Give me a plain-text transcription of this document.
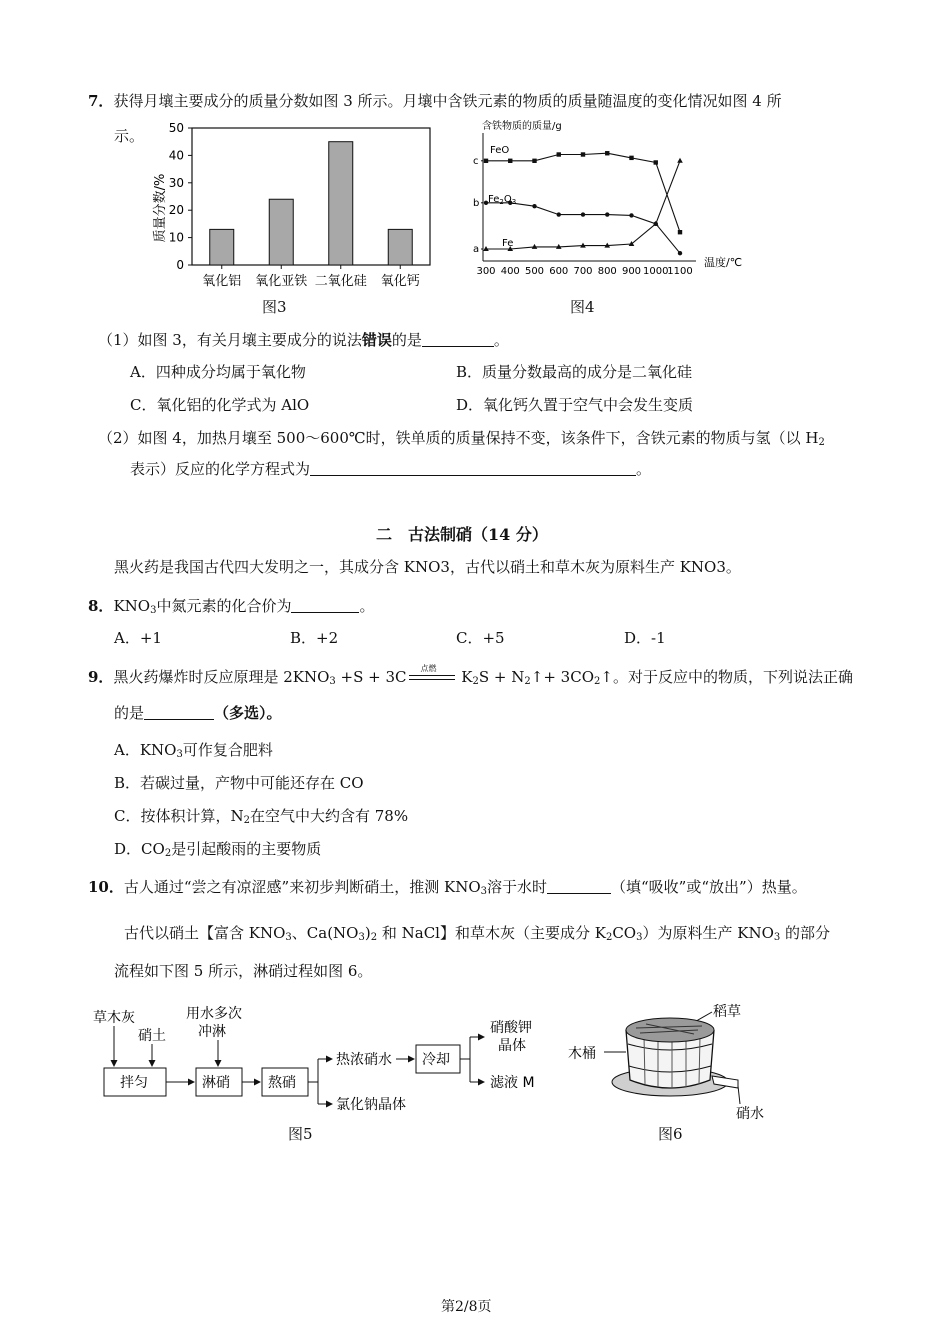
7．获得月壤主要成分的质量分数如图 3 所示。月壤中含铁元素的物质的质量随温度的变化情况如图 4 所
示。
质量分数/%
0
10
20
30
40
50
氧化铝 氧化亚铁 二氧化硅 氧化钙
图3
含铁物质的质量/g
c
b
a
300 400 500 600 700 800 900 1000
1100
FeO
$Fe_2O_3$
Fe
温度/℃
图4
（1）如图 3，有关月壤主要成分的说法错误的是	。
A．四种成分均属于氧化物	B．质量分数最高的成分是二氧化硅
C．氧化铝的化学式为 AlO	D．氧化钙久置于空气中会发生变质
（2）如图 4，加热月壤至 500～600℃时，铁单质的质量保持不变，该条件下，含铁元素的物质与氢（以 $H_2$
表示）反应的化学方程式为	。
二　古法制硝（14 分）
黑火药是我国古代四大发明之一，其成分含 KNO3，古代以硝土和草木灰为原料生产 KNO3。
8．$KNO_3$中氮元素的化合价为	。
A．+1	B．+2	C．+5	D．-1
9．黑火药爆炸时反应原理是 $2KNO_3 +S + 3C$ 点燃 $K_2S$ + $N_2↑+$ $3CO_2↑$。对于反应中的物质，下列说法正确
的是	（多选）。
A．$KNO_3$可作复合肥料
B．若碳过量，产物中可能还存在 CO
C．按体积计算，$N_2$在空气中大约含有 78%
D．$CO_2$是引起酸雨的主要物质
10．古人通过“尝之有凉涩感”来初步判断硝土，推测 $KNO_3$溶于水时	（填“吸收”或“放出”）热量。
古代以硝土【富含 $KNO_3$、$Ca(NO_3)_2$ 和 NaCl】和草木灰（主要成分 $K_2CO_3$）为原料生产 $KNO_3$ 的部分
流程如下图 5 所示，淋硝过程如图 6。
草木灰
硝土
用水多次
冲淋
拌匀	淋硝	熬硝
热浓硝水
氯化钠晶体
冷却
硝酸钾
晶体
滤液 M
图5
稻草
木桶
硝水
图6
第2/8页
